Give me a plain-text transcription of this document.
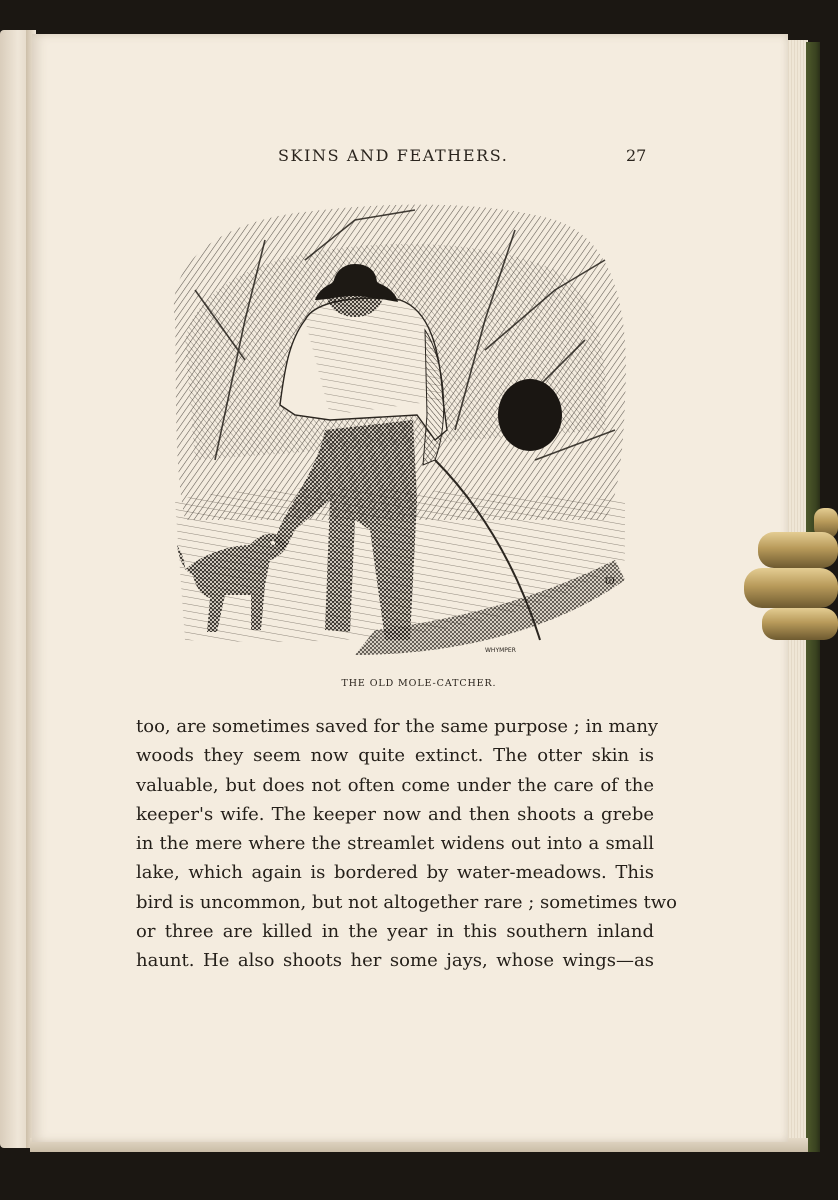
SKINS AND FEATHERS.	27
ϖ
WHYMPER
THE OLD MOLE-CATCHER.
too, are sometimes saved for the same purpose ; in many
woods they seem now quite extinct. The otter skin is
valuable, but does not often come under the care of the
keeper's wife. The keeper now and then shoots a grebe
in the mere where the streamlet widens out into a small
lake, which again is bordered by water-meadows. This
bird is uncommon, but not altogether rare ; sometimes two
or three are killed in the year in this southern inland
haunt. He also shoots her some jays, whose wings—as
